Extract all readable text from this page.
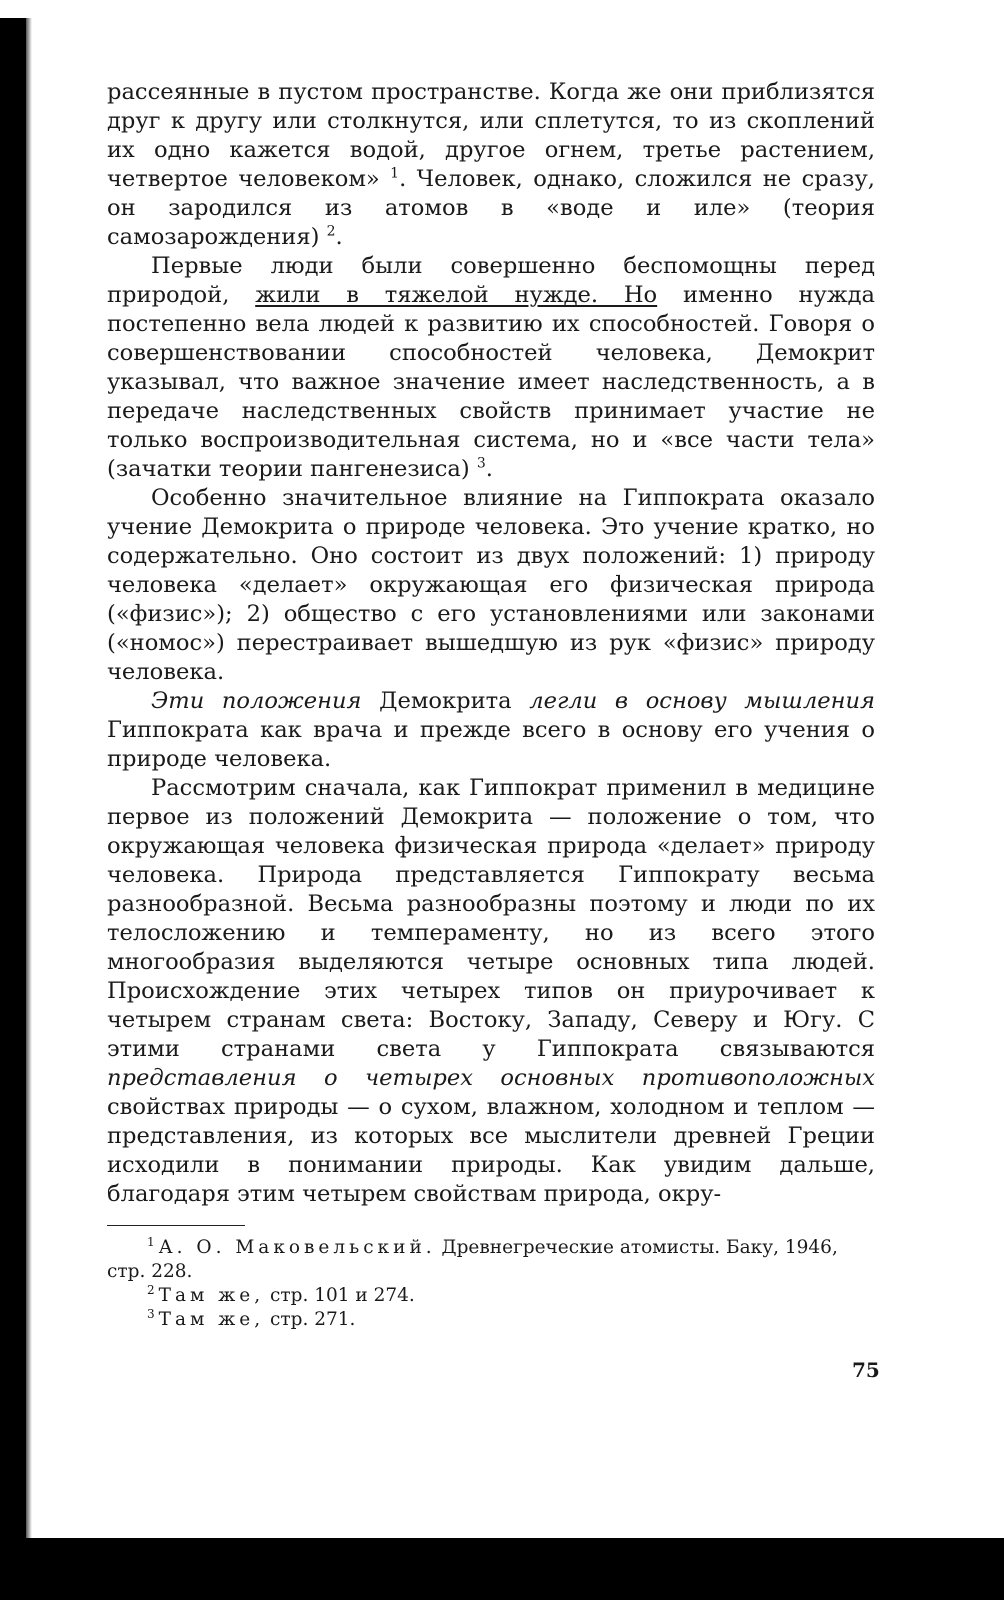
рассеянные в пустом пространстве. Когда же они приблизятся друг к другу или столкнутся, или сплетутся, то из скоплений их одно кажется водой, другое огнем, третье растением, четвертое человеком» $^1$. Человек, однако, сложился не сразу, он зародился из атомов в «воде и иле» (теория самозарождения) $^2$.

Первые люди были совершенно беспомощны перед природой, жили в тяжелой нужде. Но именно нужда постепенно вела людей к развитию их способностей. Говоря о совершенствовании способностей человека, Демокрит указывал, что важное значение имеет наследственность, а в передаче наследственных свойств принимает участие не только воспроизводительная система, но и «все части тела» (зачатки теории пангенезиса) $^3$.

Особенно значительное влияние на Гиппократа оказало учение Демокрита о природе человека. Это учение кратко, но содержательно. Оно состоит из двух положений: 1) природу человека «делает» окружающая его физическая природа («физис»); 2) общество с его установлениями или законами («номос») перестраивает вышедшую из рук «физис» природу человека.

Эти положения Демокрита легли в основу мышления Гиппократа как врача и прежде всего в основу его учения о природе человека.

Рассмотрим сначала, как Гиппократ применил в медицине первое из положений Демокрита — положение о том, что окружающая человека физическая природа «делает» природу человека. Природа представляется Гиппократу весьма разнообразной. Весьма разнообразны поэтому и люди по их телосложению и темпераменту, но из всего этого многообразия выделяются четыре основных типа людей. Происхождение этих четырех типов он приурочивает к четырем странам света: Востоку, Западу, Северу и Югу. С этими странами света у Гиппократа связываются представления о четырех основных противоположных свойствах природы — о сухом, влажном, холодном и теплом — представления, из которых все мыслители древней Греции исходили в понимании природы. Как увидим дальше, благодаря этим четырем свойствам природа, окру-

$^1$ А. О. Маковельский. Древнегреческие атомисты. Баку, 1946, стр. 228.

$^2$ Там же, стр. 101 и 274.

$^3$ Там же, стр. 271.

75
